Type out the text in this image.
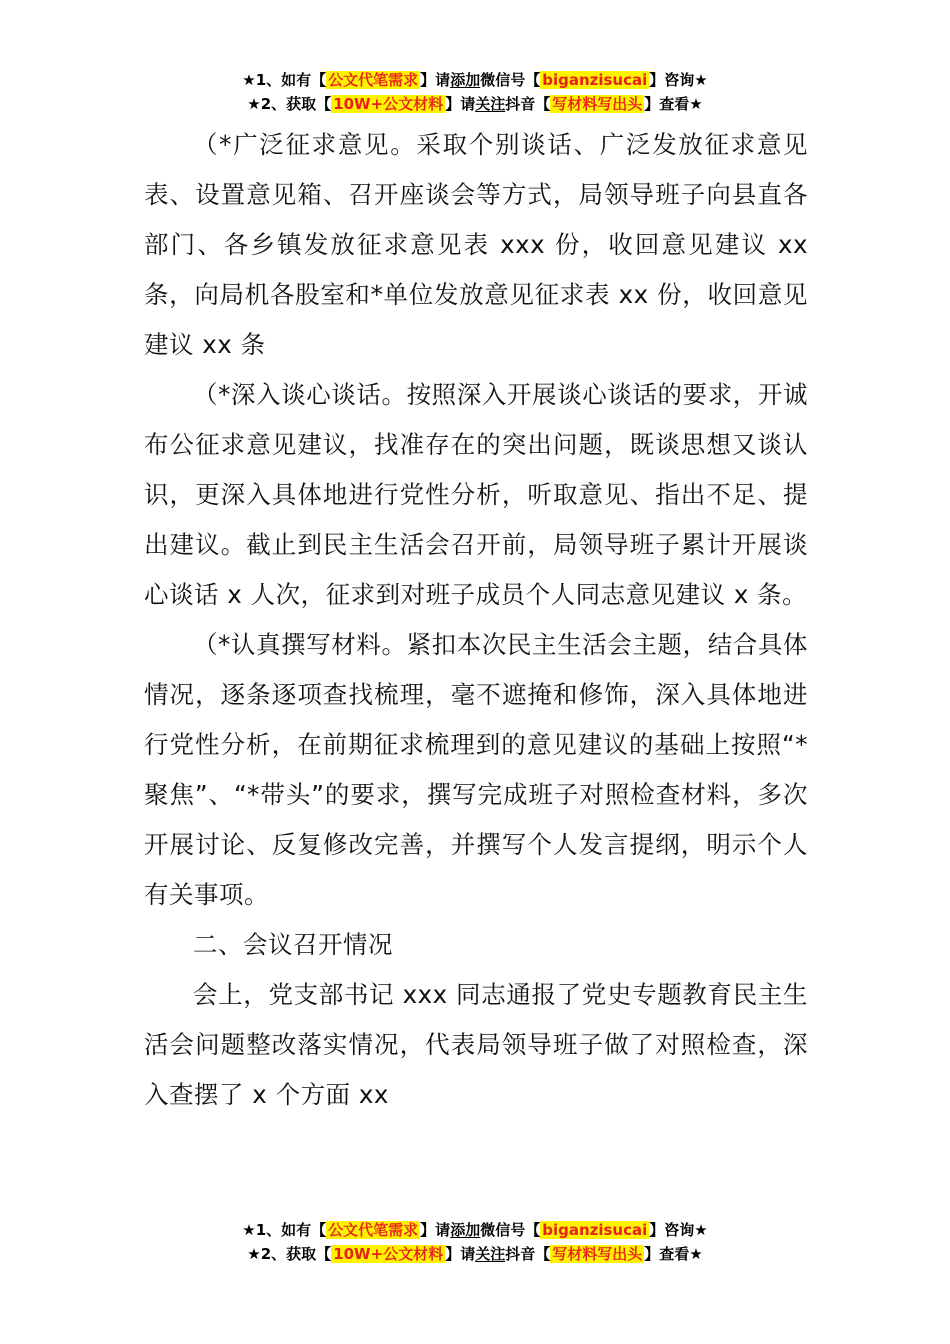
★1、如有【 公文代笔需求 】请添加微信号【 biganzisucai 】咨询★
★2、获取【 10W+公文材料 】请关注抖音【 写材料写出头 】查看★

（*广泛征求意见。采取个别谈话、广泛发放征求意见表、设置意见箱、召开座谈会等方式，局领导班子向县直各部门、各乡镇发放征求意见表 xxx 份，收回意见建议 xx 条，向局机各股室和*单位发放意见征求表 xx 份，收回意见建议 xx 条

（*深入谈心谈话。按照深入开展谈心谈话的要求，开诚布公征求意见建议，找准存在的突出问题，既谈思想又谈认识，更深入具体地进行党性分析，听取意见、指出不足、提出建议。截止到民主生活会召开前，局领导班子累计开展谈心谈话 x 人次，征求到对班子成员个人同志意见建议 x 条。

（*认真撰写材料。紧扣本次民主生活会主题，结合具体情况，逐条逐项查找梳理，毫不遮掩和修饰，深入具体地进行党性分析，在前期征求梳理到的意见建议的基础上按照“*聚焦”、“*带头”的要求，撰写完成班子对照检查材料，多次开展讨论、反复修改完善，并撰写个人发言提纲，明示个人有关事项。

二、会议召开情况

会上，党支部书记 xxx 同志通报了党史专题教育民主生活会问题整改落实情况，代表局领导班子做了对照检查，深入查摆了 x 个方面 xx

★1、如有【 公文代笔需求 】请添加微信号【 biganzisucai 】咨询★
★2、获取【 10W+公文材料 】请关注抖音【 写材料写出头 】查看★
